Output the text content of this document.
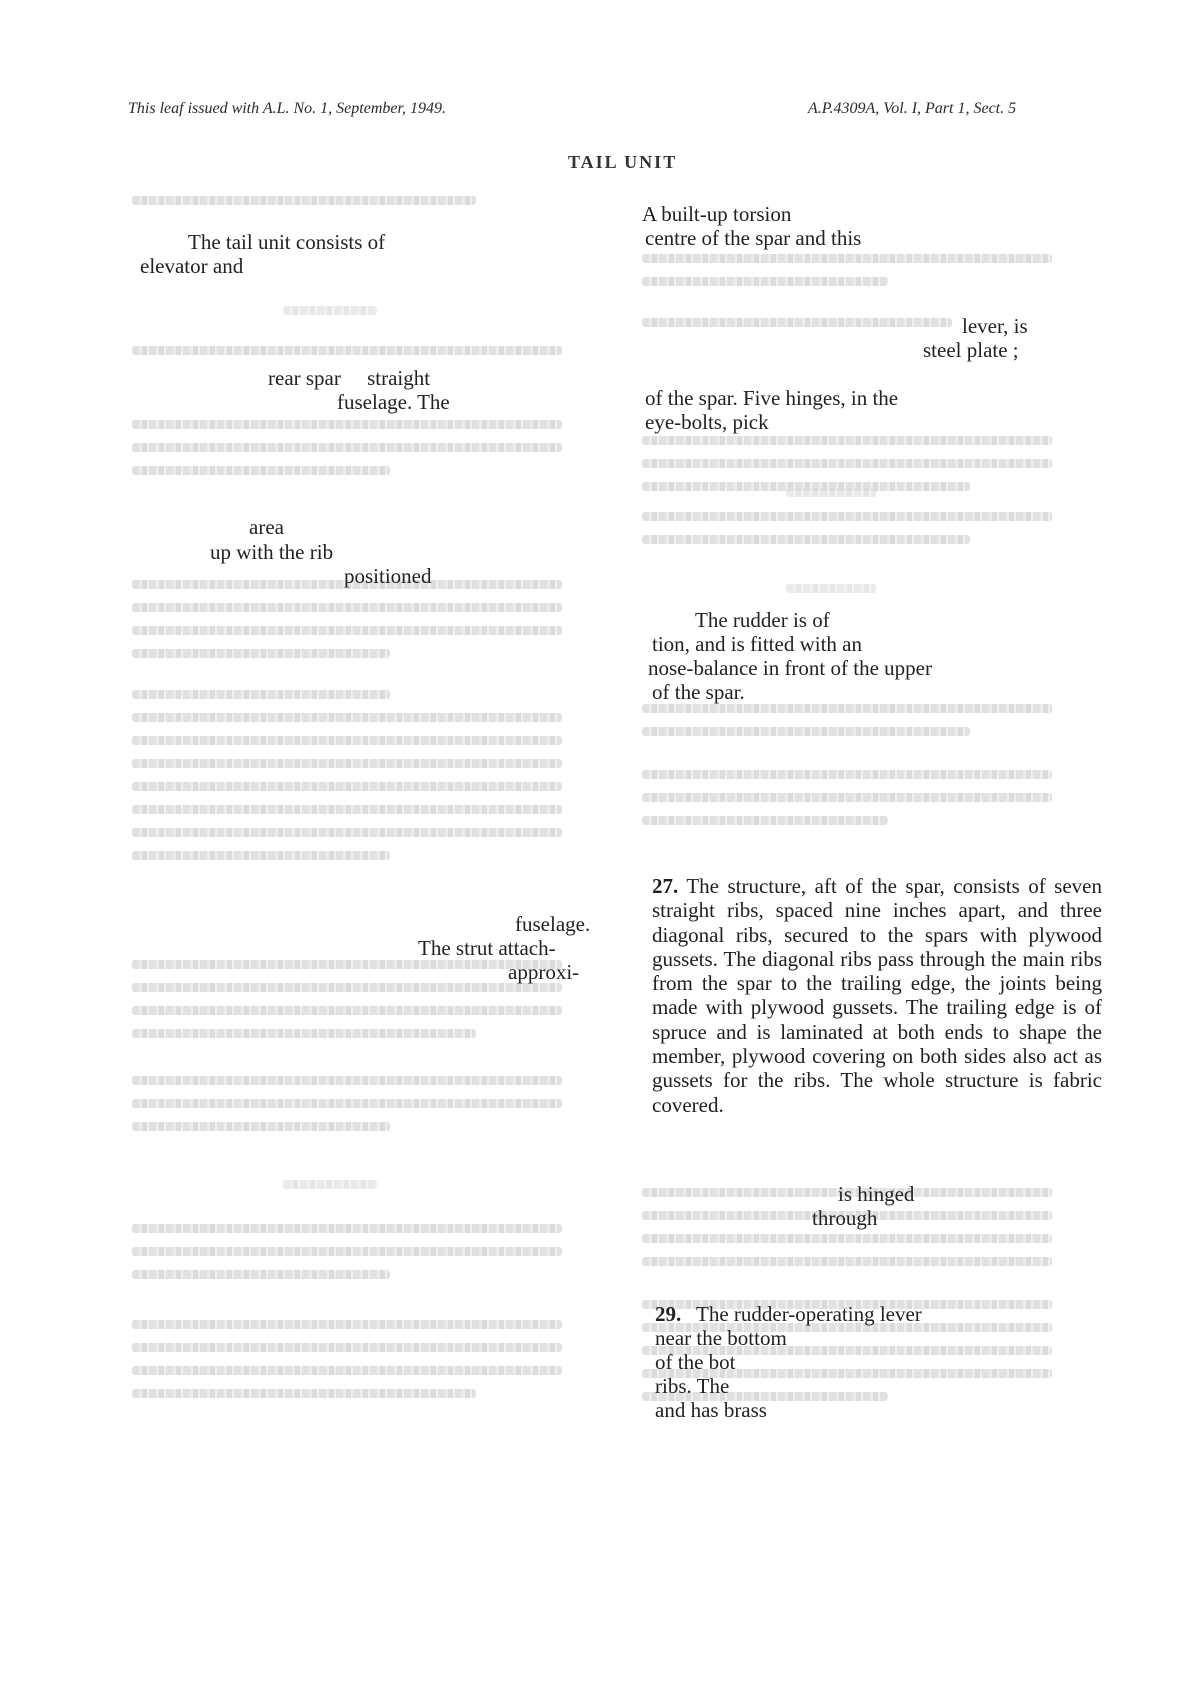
This leaf issued with A.L. No. 1, September, 1949.	A.P.4309A, Vol. I, Part 1, Sect. 5
TAIL UNIT
The tail unit consists of
elevator and
rear spar     straight
fuselage. The
area
up with the rib
positioned
fuselage.
The strut attach-
approxi-
A built-up torsion
centre of the spar and this
lever, is
steel plate ;
of the spar. Five hinges, in the
eye-bolts, pick
The rudder is of
tion, and is fitted with an
nose-balance in front of the upper
of the spar.
27. The structure, aft of the spar, consists of seven straight ribs, spaced nine inches apart, and three diagonal ribs, secured to the spars with plywood gussets. The diagonal ribs pass through the main ribs from the spar to the trailing edge, the joints being made with plywood gussets. The trailing edge is of spruce and is laminated at both ends to shape the member, plywood covering on both sides also act as gussets for the ribs. The whole structure is fabric covered.
is hinged
through
29. The rudder-operating lever
near the bottom
of the bot
ribs. The
and has brass
